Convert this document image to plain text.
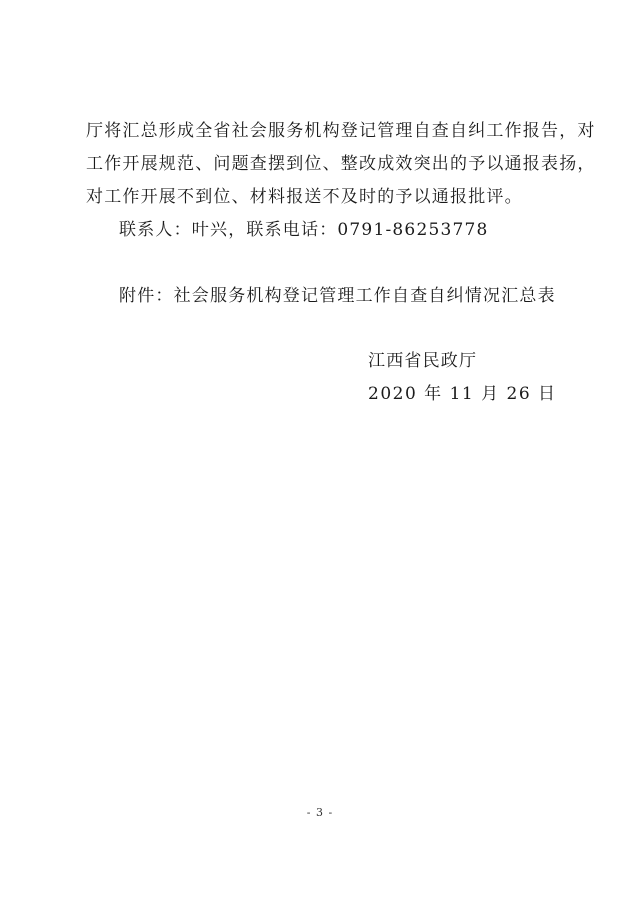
厅将汇总形成全省社会服务机构登记管理自查自纠工作报告，对
工作开展规范、问题查摆到位、整改成效突出的予以通报表扬，
对工作开展不到位、材料报送不及时的予以通报批评。
联系人：叶兴，联系电话：0791-86253778
附件：社会服务机构登记管理工作自查自纠情况汇总表
江西省民政厅
2020 年 11 月 26 日
- 3 -
